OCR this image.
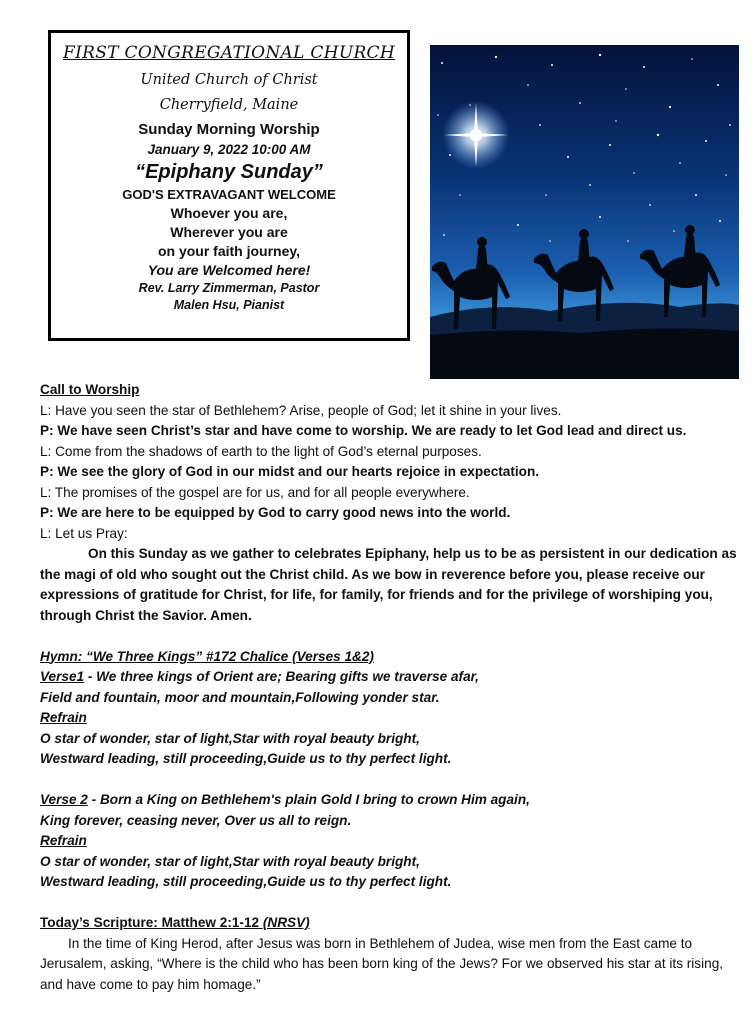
FIRST CONGREGATIONAL CHURCH
United Church of Christ
Cherryfield, Maine
Sunday Morning Worship
January 9, 2022 10:00 AM
“Epiphany Sunday”
GOD'S EXTRAVAGANT WELCOME
Whoever you are,
Wherever you are
on your faith journey,
You are Welcomed here!
Rev. Larry Zimmerman, Pastor
Malen Hsu, Pianist
Call to Worship
L: Have you seen the star of Bethlehem? Arise, people of God; let it shine in your lives.
P: We have seen Christ’s star and have come to worship. We are ready to let God lead and direct us.
L: Come from the shadows of earth to the light of God’s eternal purposes.
P: We see the glory of God in our midst and our hearts rejoice in expectation.
L: The promises of the gospel are for us, and for all people everywhere.
P: We are here to be equipped by God to carry good news into the world.
L: Let us Pray:
On this Sunday as we gather to celebrates Epiphany, help us to be as persistent in our dedication as the magi of old who sought out the Christ child. As we bow in reverence before you, please receive our expressions of gratitude for Christ, for life, for family, for friends and for the privilege of worshiping you, through Christ the Savior. Amen.
Hymn: “We Three Kings” #172 Chalice (Verses 1&2)
Verse1 - We three kings of Orient are; Bearing gifts we traverse afar,
Field and fountain, moor and mountain,Following yonder star.
Refrain
O star of wonder, star of light,Star with royal beauty bright,
Westward leading, still proceeding,Guide us to thy perfect light.
Verse 2 - Born a King on Bethlehem's plain Gold I bring to crown Him again,
King forever, ceasing never, Over us all to reign.
Refrain
O star of wonder, star of light,Star with royal beauty bright,
Westward leading, still proceeding,Guide us to thy perfect light.
Today’s Scripture: Matthew 2:1-12 (NRSV)
In the time of King Herod, after Jesus was born in Bethlehem of Judea, wise men from the East came to Jerusalem, asking, “Where is the child who has been born king of the Jews? For we observed his star at its rising, and have come to pay him homage.”
